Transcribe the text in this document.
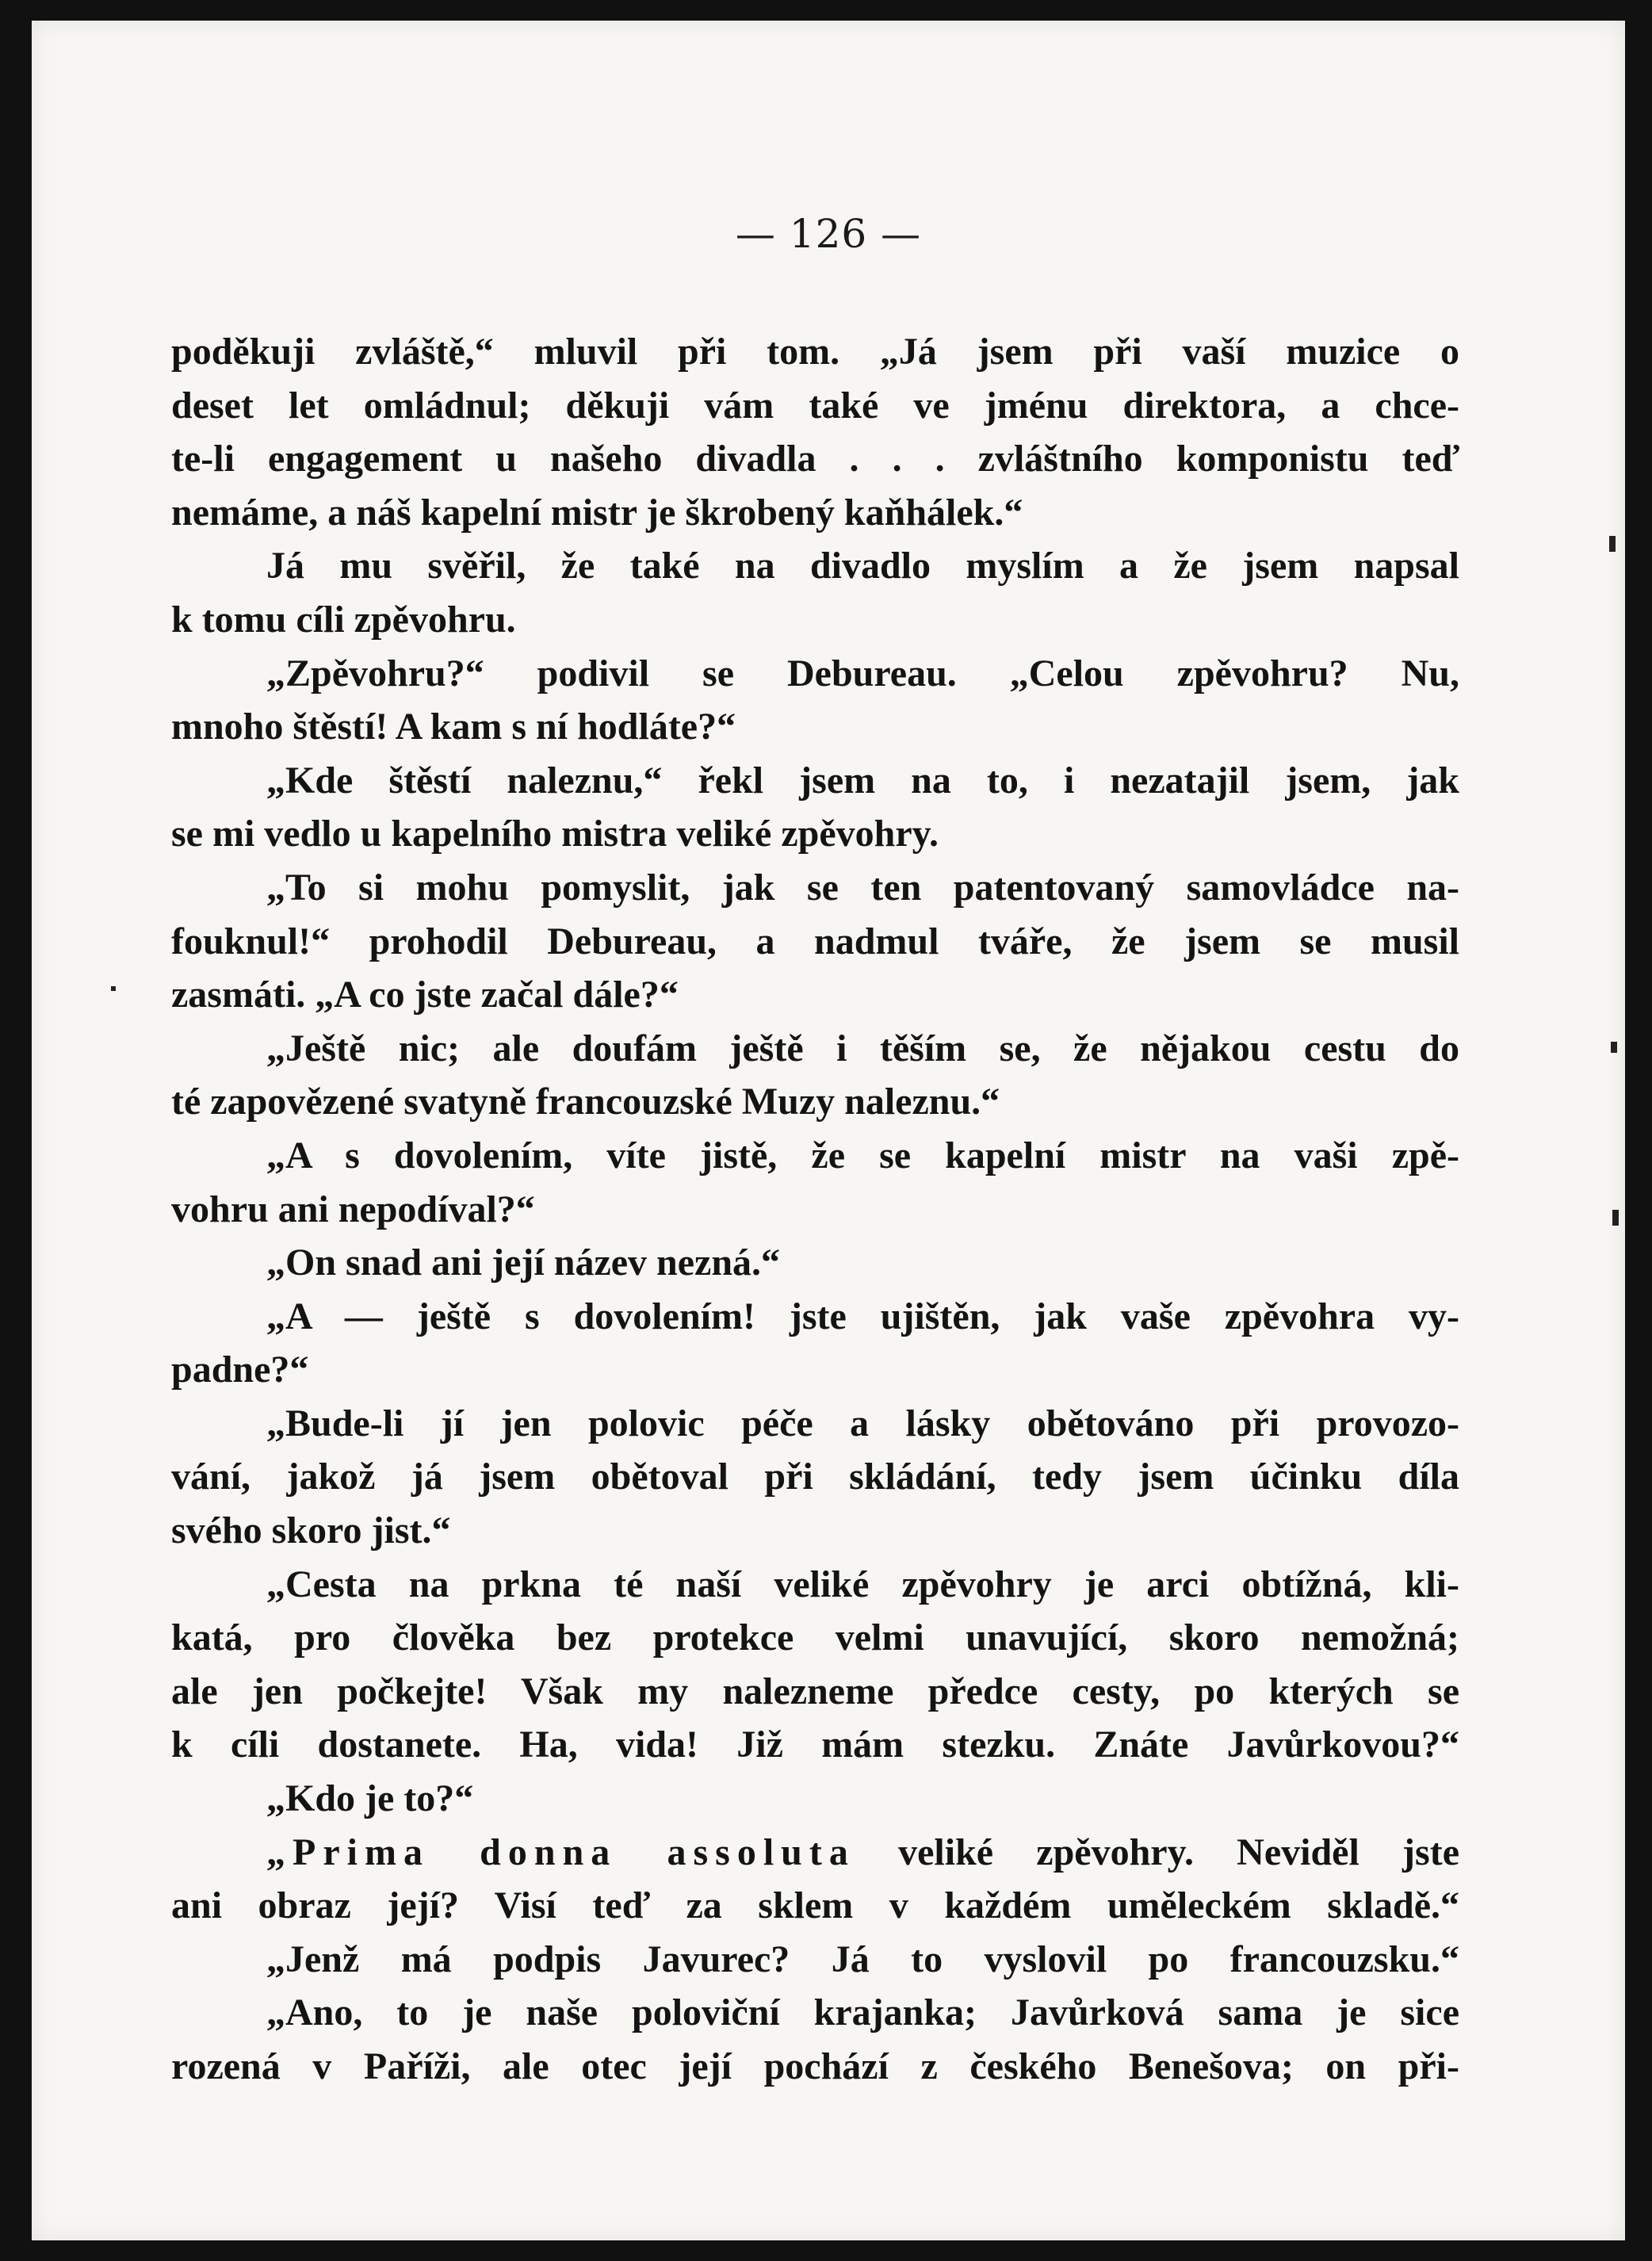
— 126 —
poděkuji zvláště,“ mluvil při tom. „Já jsem při vaší muzice o
deset let omládnul; děkuji vám také ve jménu direktora, a chce-
te-li engagement u našeho divadla . . . zvláštního komponistu teď
nemáme, a náš kapelní mistr je škrobený kaňhálek.“
Já mu svěřil, že také na divadlo myslím a že jsem napsal
k tomu cíli zpěvohru.
„Zpěvohru?“ podivil se Debureau. „Celou zpěvohru? Nu,
mnoho štěstí! A kam s ní hodláte?“
„Kde štěstí naleznu,“ řekl jsem na to, i nezatajil jsem, jak
se mi vedlo u kapelního mistra veliké zpěvohry.
„To si mohu pomyslit, jak se ten patentovaný samovládce na-
fouknul!“ prohodil Debureau, a nadmul tváře, že jsem se musil
zasmáti. „A co jste začal dále?“
„Ještě nic; ale doufám ještě i těším se, že nějakou cestu do
té zapovězené svatyně francouzské Muzy naleznu.“
„A s dovolením, víte jistě, že se kapelní mistr na vaši zpě-
vohru ani nepodíval?“
„On snad ani její název nezná.“
„A — ještě s dovolením! jste ujištěn, jak vaše zpěvohra vy-
padne?“
„Bude-li jí jen polovic péče a lásky obětováno při provozo-
vání, jakož já jsem obětoval při skládání, tedy jsem účinku díla
svého skoro jist.“
„Cesta na prkna té naší veliké zpěvohry je arci obtížná, kli-
katá, pro člověka bez protekce velmi unavující, skoro nemožná;
ale jen počkejte! Však my nalezneme předce cesty, po kterých se
k cíli dostanete. Ha, vida! Již mám stezku. Znáte Javůrkovou?“
„Kdo je to?“
„Prima donna assoluta veliké zpěvohry. Neviděl jste
ani obraz její? Visí teď za sklem v každém uměleckém skladě.“
„Jenž má podpis Javurec? Já to vyslovil po francouzsku.“
„Ano, to je naše poloviční krajanka; Javůrková sama je sice
rozená v Paříži, ale otec její pochází z českého Benešova; on při-
